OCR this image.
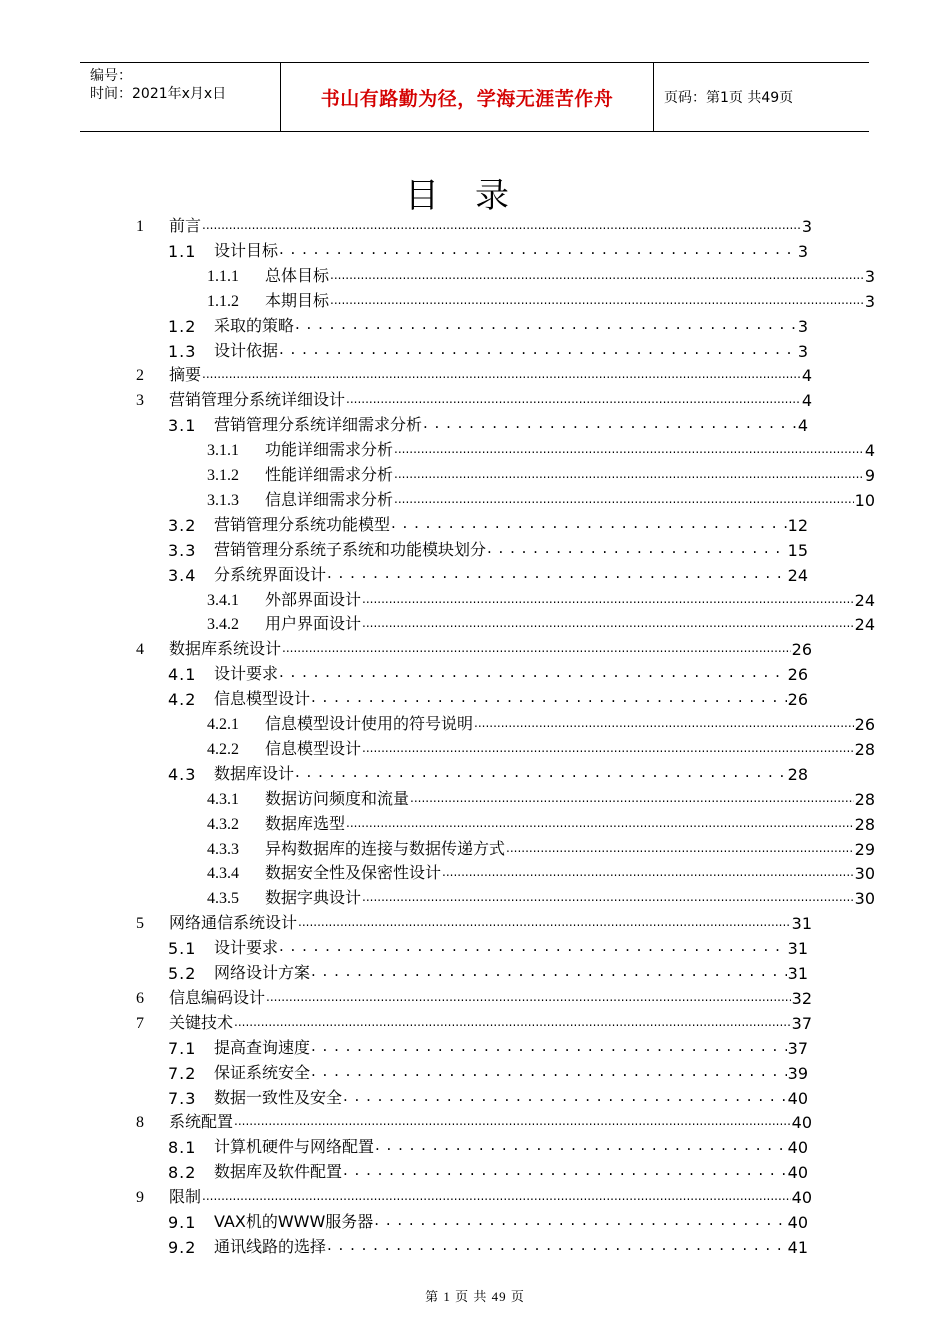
编号：
时间：2021年x月x日	书山有路勤为径，学海无涯苦作舟	页码：第1页 共49页
目录
1	前言 .....	3
1.1	设计目标 . . .	3
1.1.1	总体目标 .....	3
1.1.2	本期目标 .....	3
1.2	采取的策略 . . .	3
1.3	设计依据 . . .	3
2	摘要 .....	4
3	营销管理分系统详细设计 .....	4
3.1	营销管理分系统详细需求分析 . . .	4
3.1.1	功能详细需求分析 .....	4
3.1.2	性能详细需求分析 .....	9
3.1.3	信息详细需求分析 .....	10
3.2	营销管理分系统功能模型 . . .	12
3.3	营销管理分系统子系统和功能模块划分 . . .	15
3.4	分系统界面设计 . . .	24
3.4.1	外部界面设计 .....	24
3.4.2	用户界面设计 .....	24
4	数据库系统设计 .....	26
4.1	设计要求 . . .	26
4.2	信息模型设计 . . .	26
4.2.1	信息模型设计使用的符号说明 .....	26
4.2.2	信息模型设计 .....	28
4.3	数据库设计 . . .	28
4.3.1	数据访问频度和流量 .....	28
4.3.2	数据库选型 .....	28
4.3.3	异构数据库的连接与数据传递方式 .....	29
4.3.4	数据安全性及保密性设计 .....	30
4.3.5	数据字典设计 .....	30
5	网络通信系统设计 .....	31
5.1	设计要求 . . .	31
5.2	网络设计方案 . . .	31
6	信息编码设计 .....	32
7	关键技术 .....	37
7.1	提高查询速度 . . .	37
7.2	保证系统安全 . . .	39
7.3	数据一致性及安全 . . .	40
8	系统配置 .....	40
8.1	计算机硬件与网络配置 . . .	40
8.2	数据库及软件配置 . . .	40
9	限制 .....	40
9.1	VAX机的WWW服务器 . . .	40
9.2	通讯线路的选择 . . .	41
第 1 页 共 49 页
